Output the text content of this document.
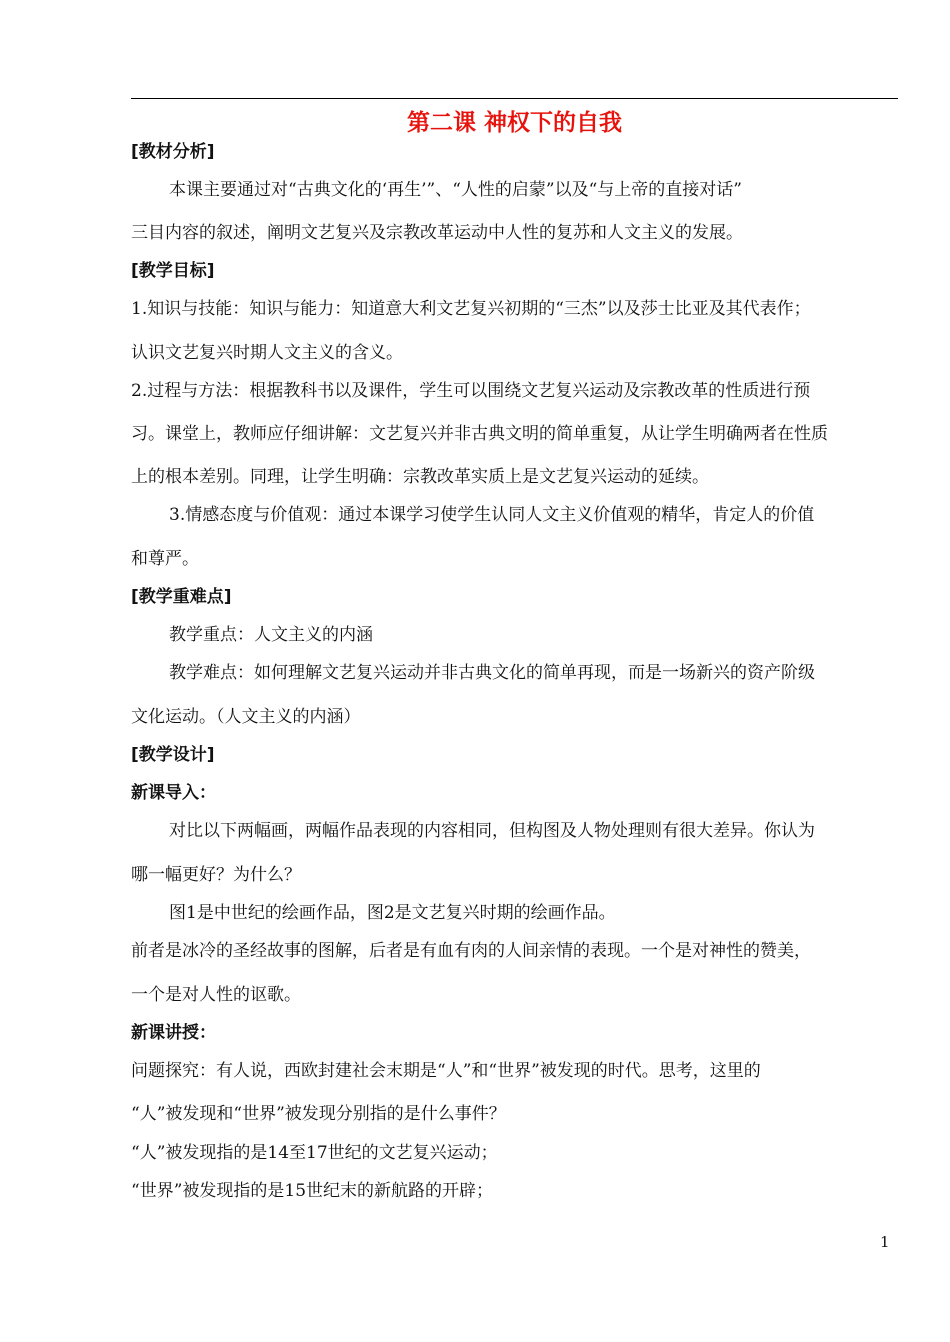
第二课 神权下的自我
[教材分析]
本课主要通过对“古典文化的‘再生’”、“人性的启蒙”以及“与上帝的直接对话”
三目内容的叙述，阐明文艺复兴及宗教改革运动中人性的复苏和人文主义的发展。
[教学目标]
1.知识与技能：知识与能力：知道意大利文艺复兴初期的“三杰”以及莎士比亚及其代表作；
认识文艺复兴时期人文主义的含义。
2.过程与方法：根据教科书以及课件，学生可以围绕文艺复兴运动及宗教改革的性质进行预
习。课堂上，教师应仔细讲解：文艺复兴并非古典文明的简单重复，从让学生明确两者在性质
上的根本差别。同理，让学生明确：宗教改革实质上是文艺复兴运动的延续。
3.情感态度与价值观：通过本课学习使学生认同人文主义价值观的精华，肯定人的价值
和尊严。
[教学重难点]
教学重点：人文主义的内涵
教学难点：如何理解文艺复兴运动并非古典文化的简单再现，而是一场新兴的资产阶级
文化运动。（人文主义的内涵）
[教学设计]
新课导入：
对比以下两幅画，两幅作品表现的内容相同，但构图及人物处理则有很大差异。你认为
哪一幅更好？为什么？
图1是中世纪的绘画作品，图2是文艺复兴时期的绘画作品。
前者是冰冷的圣经故事的图解，后者是有血有肉的人间亲情的表现。一个是对神性的赞美，
一个是对人性的讴歌。
新课讲授：
问题探究：有人说，西欧封建社会末期是“人”和“世界”被发现的时代。思考，这里的
“人”被发现和“世界”被发现分别指的是什么事件？
“人”被发现指的是14至17世纪的文艺复兴运动；
“世界”被发现指的是15世纪末的新航路的开辟；
1
